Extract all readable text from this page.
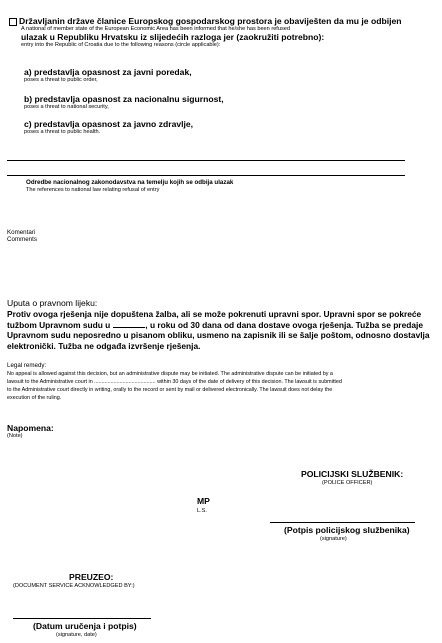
Državljanin države članice Europskog gospodarskog prostora je obaviješten da mu je odbijen
A national of member state of the European Economic Area has been informed that he/she has been refused
ulazak u Republiku Hrvatsku iz slijedećih razloga jer (zaokružiti potrebno):
entry into the Republic of Croatia due to the following reasons (circle applicable):
a) predstavlja opasnost za javni poredak,
poses a threat to public order,
b) predstavlja opasnost za nacionalnu sigurnost,
poses a threat to national security,
c) predstavlja opasnost za javno zdravlje,
poses a threat to public health.
Odredbe nacionalnog zakonodavstva na temelju kojih se odbija ulazak
The references to national law relating refusal of entry
Komentari
Comments
Uputa o pravnom lijeku:
Protiv ovoga rješenja nije dopuštena žalba, ali se može pokrenuti upravni spor. Upravni spor se pokreće
tužbom Upravnom sudu u	, u roku od 30 dana od dana dostave ovoga rješenja. Tužba se predaje
Upravnom sudu neposredno u pisanom obliku, usmeno na zapisnik ili se šalje poštom, odnosno dostavlja
elektronički. Tužba ne odgađa izvršenje rješenja.
Legal remedy:
No appeal is allowed against this decision, but an administrative dispute may be initiated. The administrative dispute can be initiated by a
lawsuit to the Administrative court in ......................................... within 30 days of the date of delivery of this decision. The lawsuit is submitted
to the Administrative court directly in writing, orally to the record or sent by mail or delivered electronically. The lawsuit does not delay the
execution of the ruling.
Napomena:
(Note)
POLICIJSKI SLUŽBENIK:
(POLICE OFFICER)
MP
L.S.
(Potpis policijskog službenika)
(signature)
PREUZEO:
(DOCUMENT SERVICE ACKNOWLEDGED BY:)
(Datum uručenja i potpis)
(signature, date)
